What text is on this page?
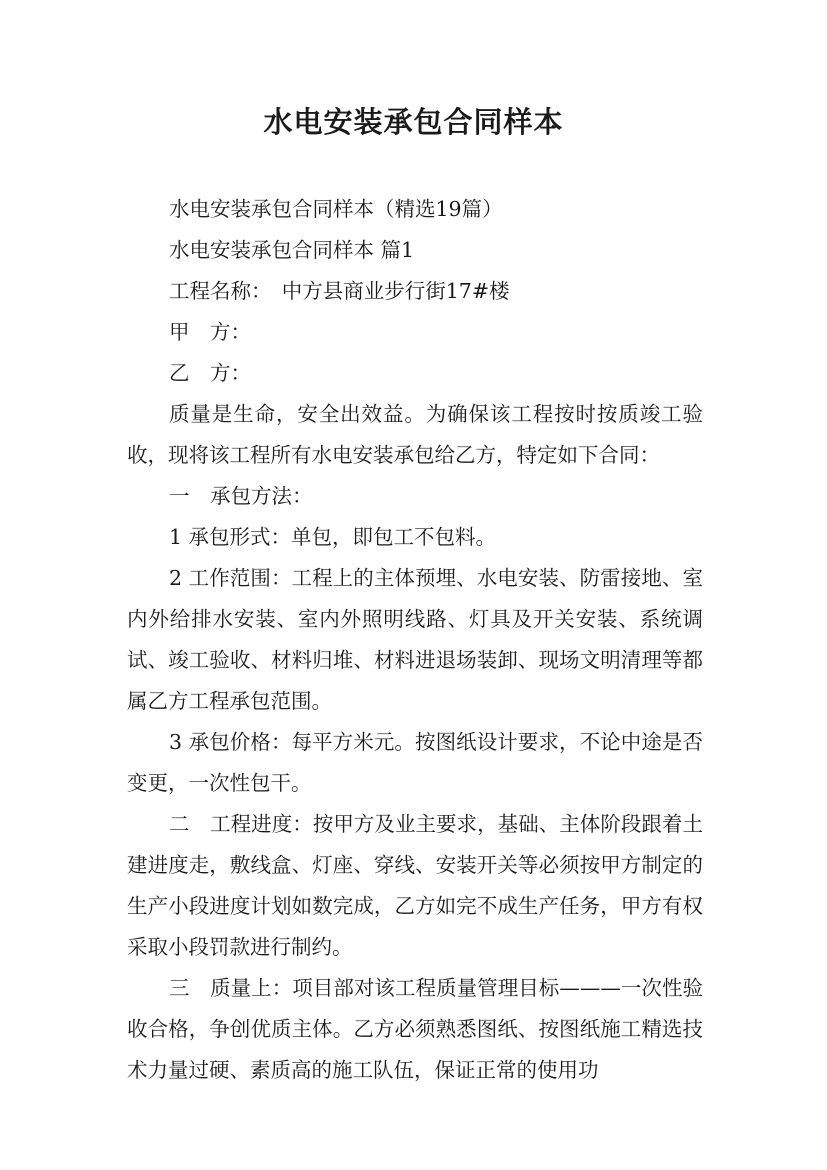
水电安装承包合同样本

水电安装承包合同样本（精选19篇）

水电安装承包合同样本 篇1

工程名称：　中方县商业步行街17#楼

甲　方：

乙　方：

质量是生命，安全出效益。为确保该工程按时按质竣工验收，现将该工程所有水电安装承包给乙方，特定如下合同：

一　承包方法：

1 承包形式：单包，即包工不包料。

2 工作范围：工程上的主体预埋、水电安装、防雷接地、室内外给排水安装、室内外照明线路、灯具及开关安装、系统调试、竣工验收、材料归堆、材料进退场装卸、现场文明清理等都属乙方工程承包范围。

3 承包价格：每平方米元。按图纸设计要求，不论中途是否变更，一次性包干。

二　工程进度：按甲方及业主要求，基础、主体阶段跟着土建进度走，敷线盒、灯座、穿线、安装开关等必须按甲方制定的生产小段进度计划如数完成，乙方如完不成生产任务，甲方有权采取小段罚款进行制约。

三　质量上：项目部对该工程质量管理目标———一次性验收合格，争创优质主体。乙方必须熟悉图纸、按图纸施工精选技术力量过硬、素质高的施工队伍，保证正常的使用功
